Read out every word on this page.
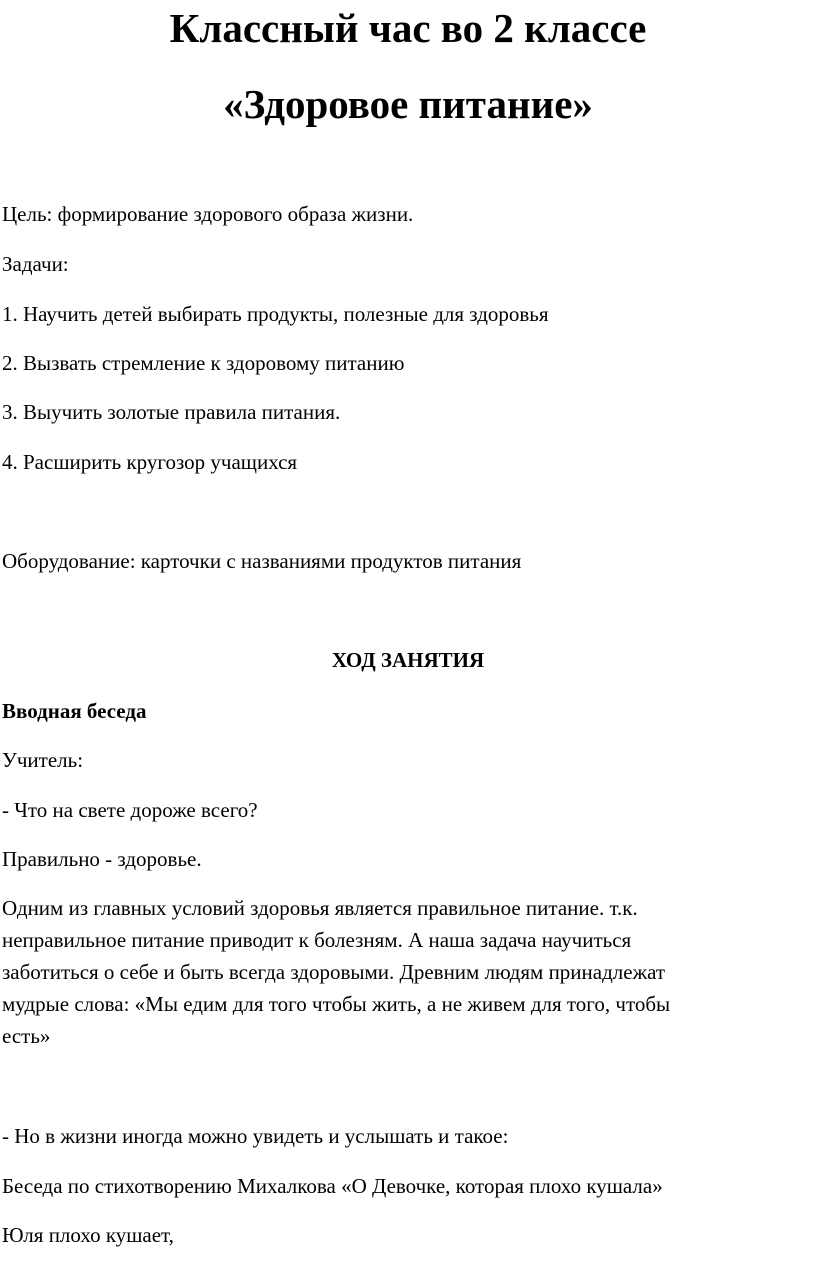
Классный час во 2 классе
«Здоровое питание»

Цель: формирование здорового образа жизни.

Задачи:

1. Научить детей выбирать продукты, полезные для здоровья

2. Вызвать стремление к здоровому питанию

3. Выучить золотые правила питания.

4. Расширить кругозор учащихся

Оборудование: карточки с названиями продуктов питания

ХОД ЗАНЯТИЯ

Вводная беседа

Учитель:

- Что на свете дороже всего?

Правильно - здоровье.

Одним из главных условий здоровья является правильное питание. т.к.

неправильное питание приводит к болезням. А наша задача научиться

заботиться о себе и быть всегда здоровыми. Древним людям принадлежат

мудрые слова: «Мы едим для того чтобы жить, а не живем для того, чтобы

есть»

- Но в жизни иногда можно увидеть и услышать и такое:

Беседа по стихотворению Михалкова «О Девочке, которая плохо кушала»

Юля плохо кушает,
